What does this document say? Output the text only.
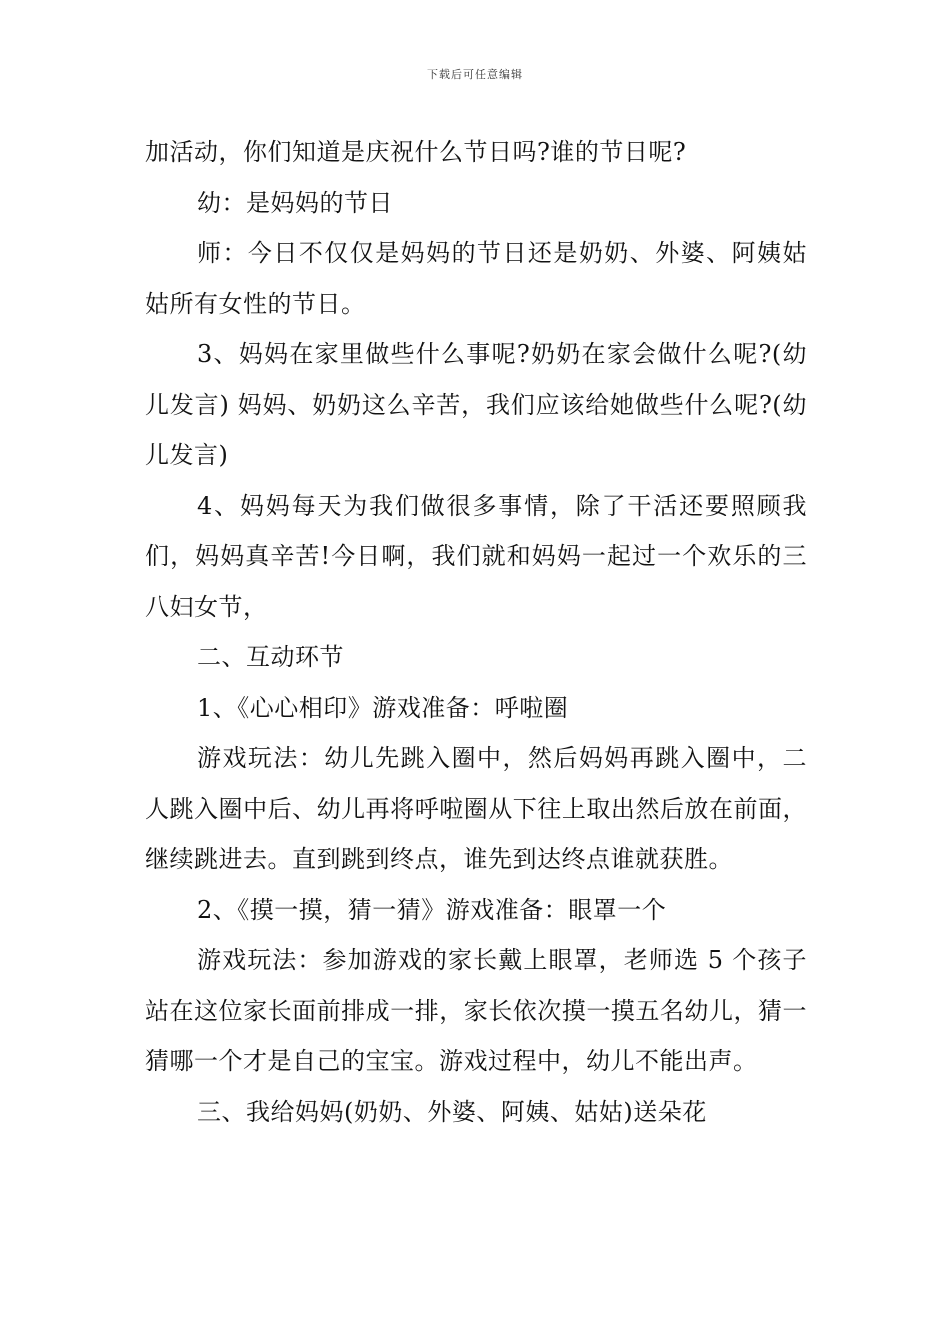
下载后可任意编辑

加活动，你们知道是庆祝什么节日吗?谁的节日呢?

幼：是妈妈的节日

师：今日不仅仅是妈妈的节日还是奶奶、外婆、阿姨姑姑所有女性的节日。

3、妈妈在家里做些什么事呢?奶奶在家会做什么呢?(幼儿发言) 妈妈、奶奶这么辛苦，我们应该给她做些什么呢?(幼儿发言)

4、妈妈每天为我们做很多事情，除了干活还要照顾我们，妈妈真辛苦!今日啊，我们就和妈妈一起过一个欢乐的三八妇女节，

二、互动环节

1、《心心相印》游戏准备：呼啦圈

游戏玩法：幼儿先跳入圈中，然后妈妈再跳入圈中，二人跳入圈中后、幼儿再将呼啦圈从下往上取出然后放在前面，继续跳进去。直到跳到终点，谁先到达终点谁就获胜。

2、《摸一摸，猜一猜》游戏准备：眼罩一个

游戏玩法：参加游戏的家长戴上眼罩，老师选 5 个孩子站在这位家长面前排成一排，家长依次摸一摸五名幼儿，猜一猜哪一个才是自己的宝宝。游戏过程中，幼儿不能出声。

三、我给妈妈(奶奶、外婆、阿姨、姑姑)送朵花
